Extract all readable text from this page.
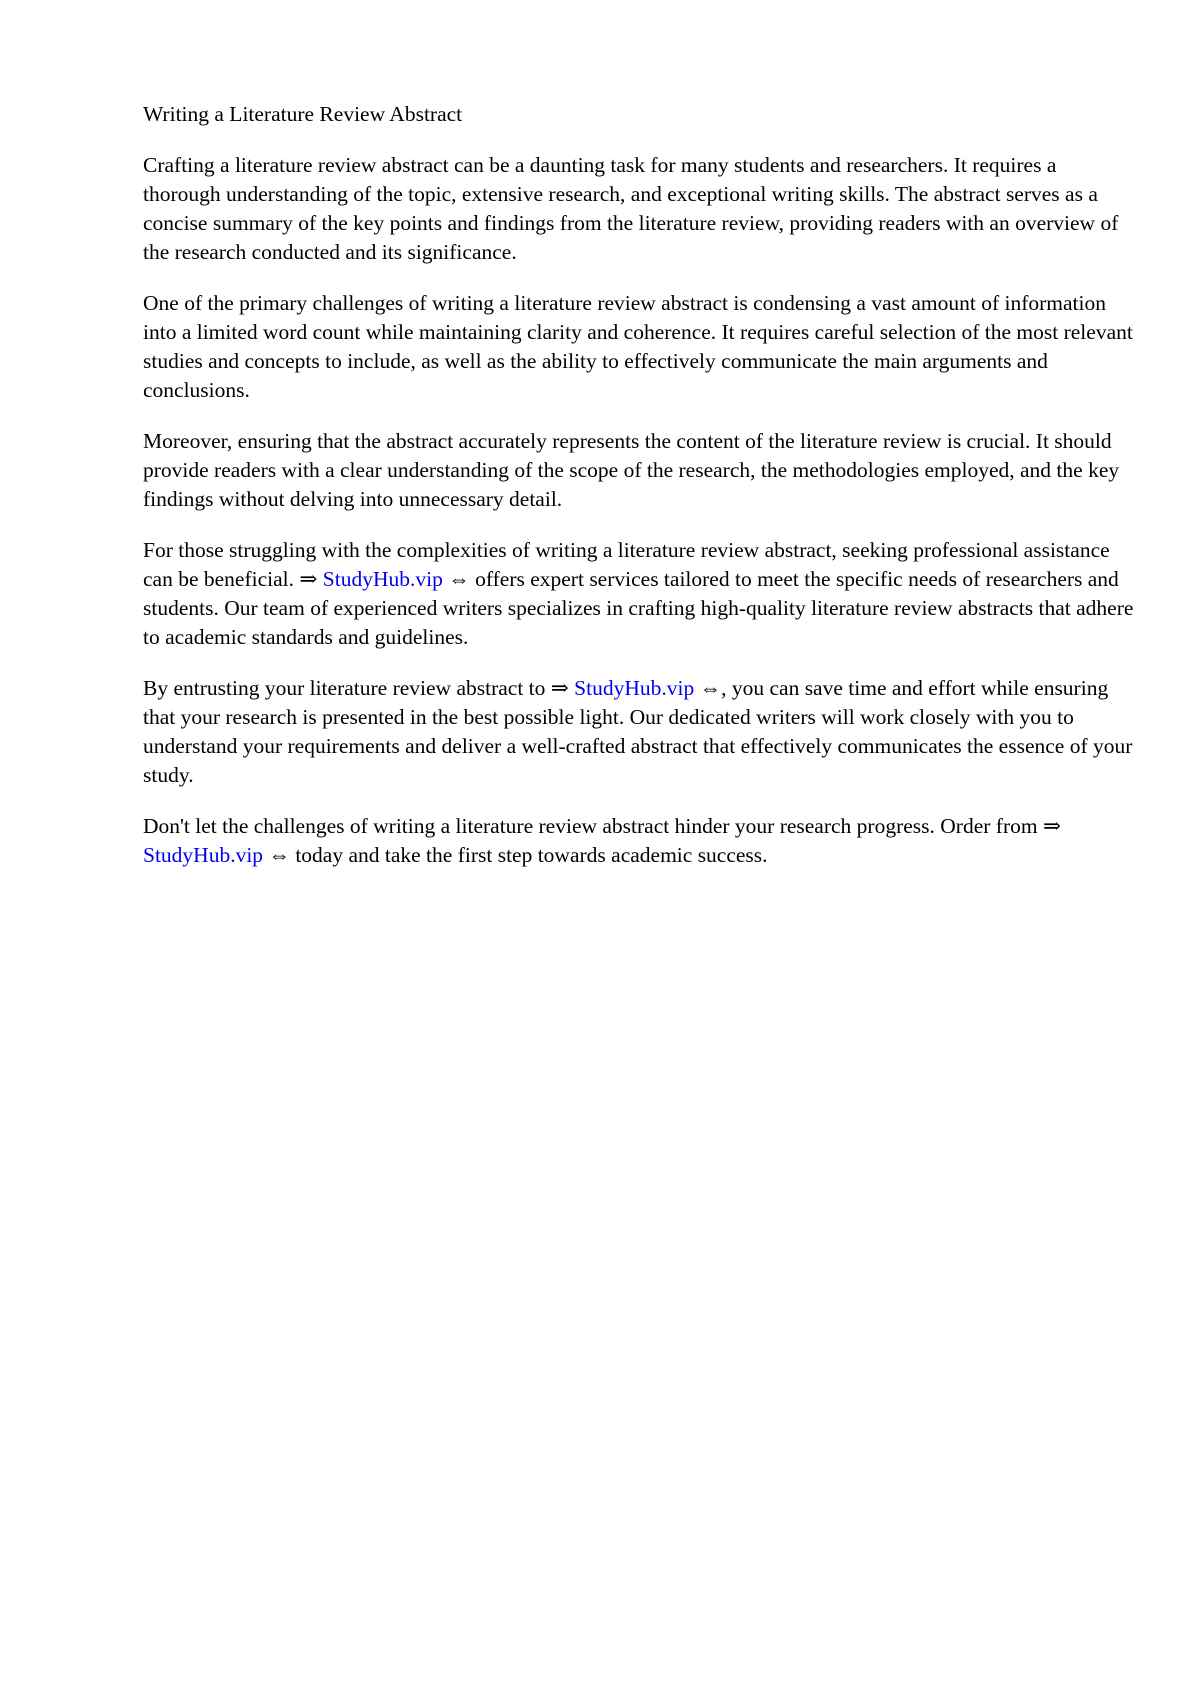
Writing a Literature Review Abstract

Crafting a literature review abstract can be a daunting task for many students and researchers. It requires a thorough understanding of the topic, extensive research, and exceptional writing skills. The abstract serves as a concise summary of the key points and findings from the literature review, providing readers with an overview of the research conducted and its significance.

One of the primary challenges of writing a literature review abstract is condensing a vast amount of information into a limited word count while maintaining clarity and coherence. It requires careful selection of the most relevant studies and concepts to include, as well as the ability to effectively communicate the main arguments and conclusions.

Moreover, ensuring that the abstract accurately represents the content of the literature review is crucial. It should provide readers with a clear understanding of the scope of the research, the methodologies employed, and the key findings without delving into unnecessary detail.

For those struggling with the complexities of writing a literature review abstract, seeking professional assistance can be beneficial. ⇒ StudyHub.vip ⇔ offers expert services tailored to meet the specific needs of researchers and students. Our team of experienced writers specializes in crafting high-quality literature review abstracts that adhere to academic standards and guidelines.

By entrusting your literature review abstract to ⇒ StudyHub.vip ⇔, you can save time and effort while ensuring that your research is presented in the best possible light. Our dedicated writers will work closely with you to understand your requirements and deliver a well-crafted abstract that effectively communicates the essence of your study.

Don't let the challenges of writing a literature review abstract hinder your research progress. Order from ⇒ StudyHub.vip ⇔ today and take the first step towards academic success.
